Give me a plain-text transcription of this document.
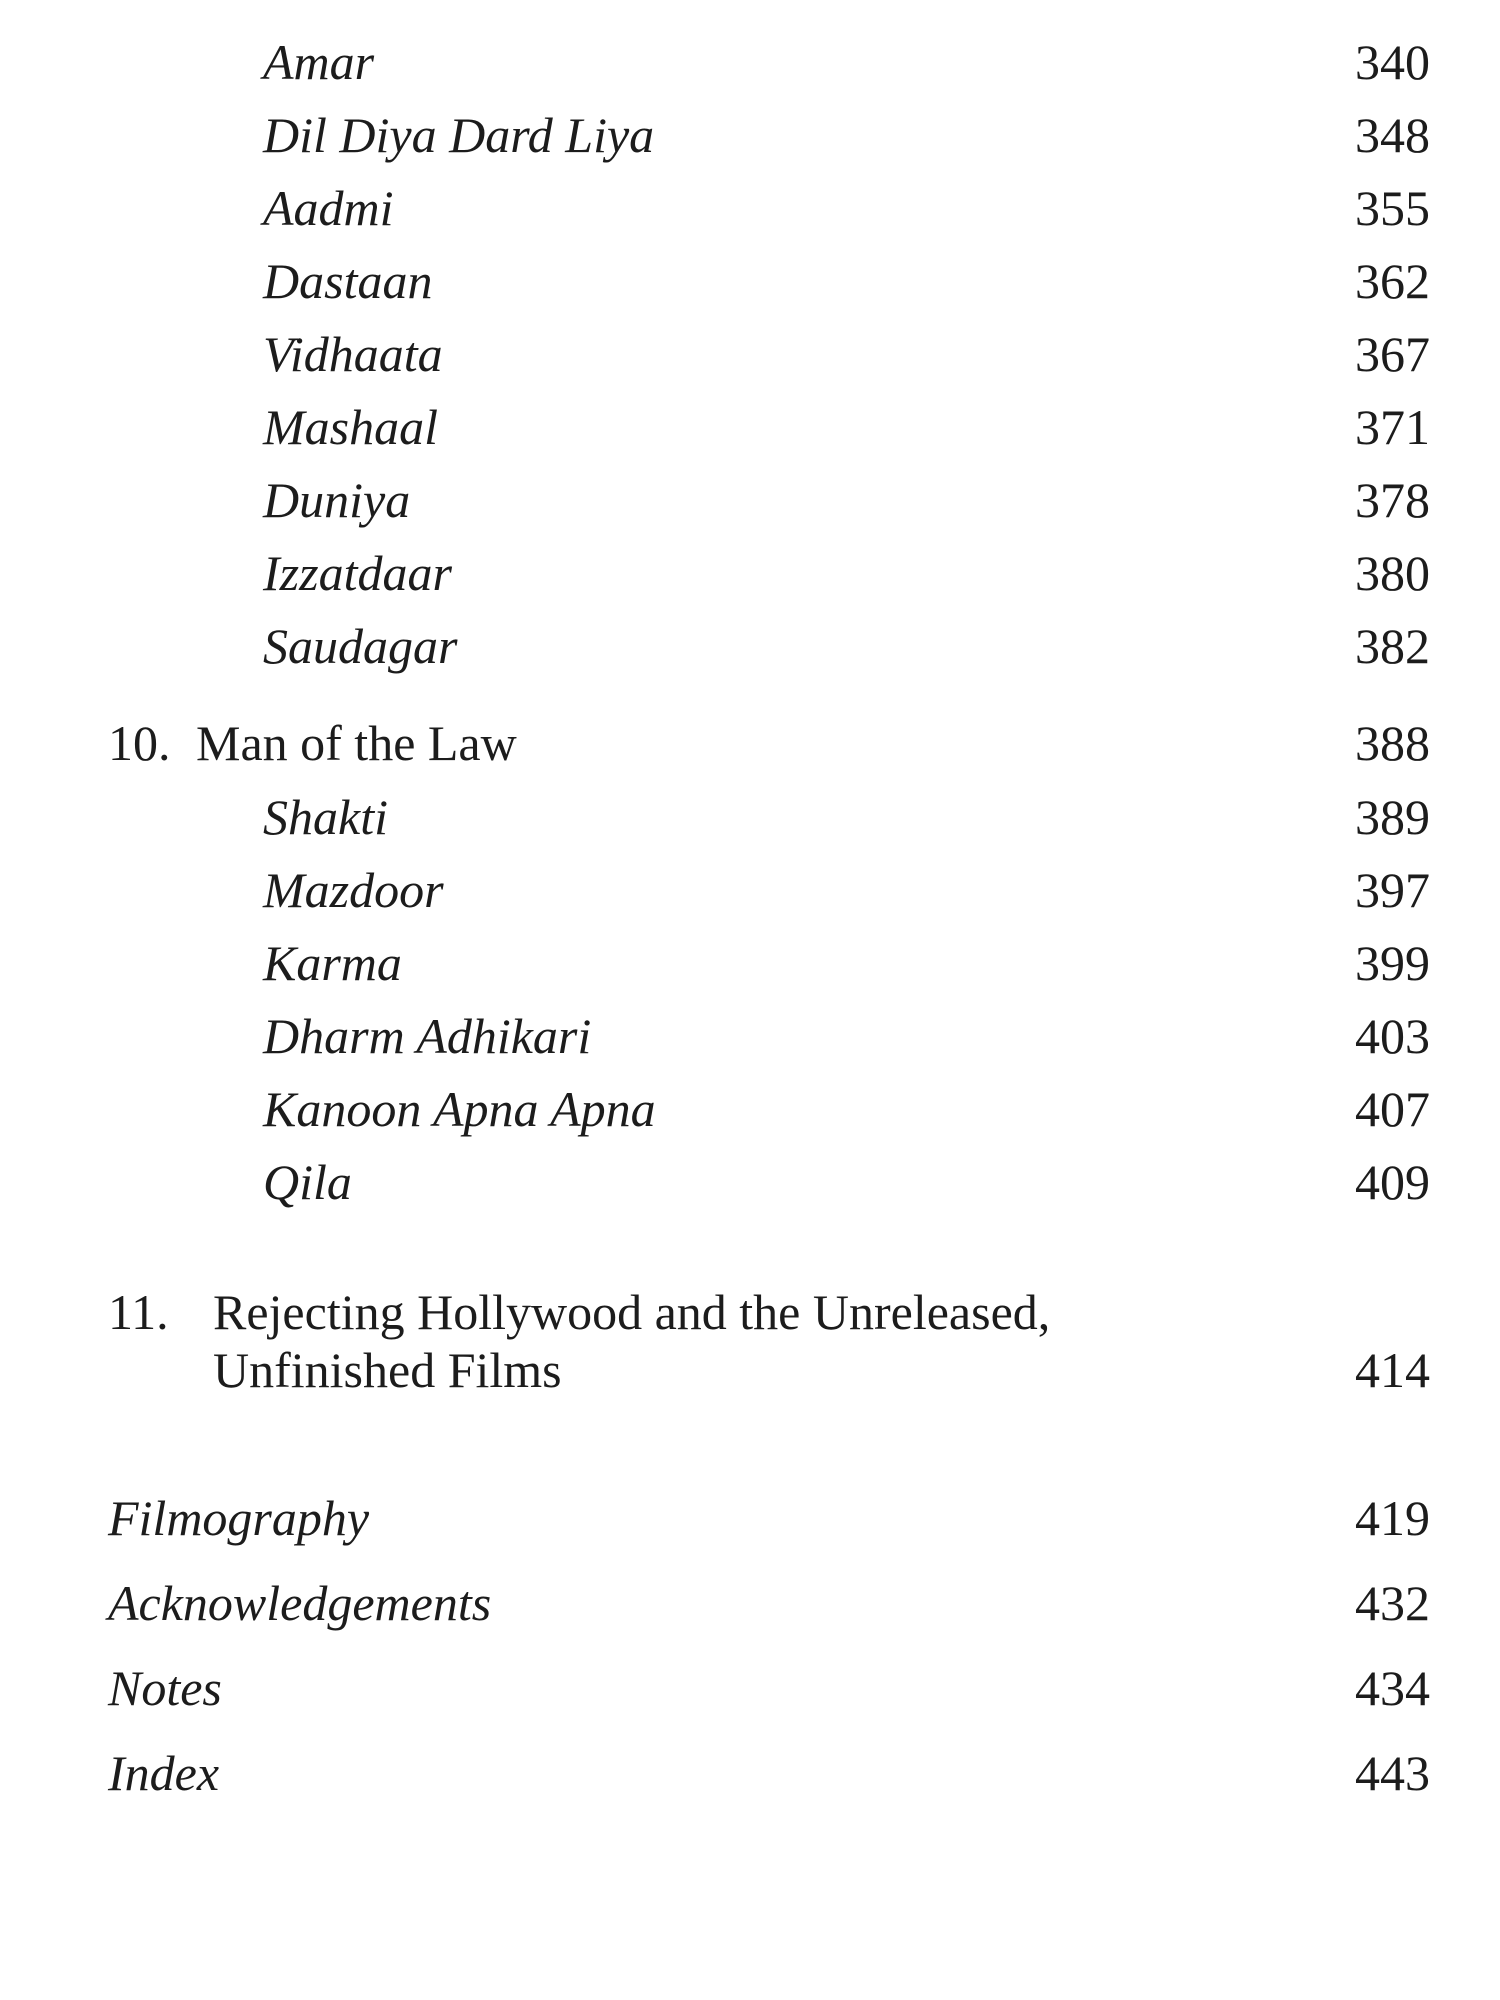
Amar	340
Dil Diya Dard Liya	348
Aadmi	355
Dastaan	362
Vidhaata	367
Mashaal	371
Duniya	378
Izzatdaar	380
Saudagar	382
10. Man of the Law	388
Shakti	389
Mazdoor	397
Karma	399
Dharm Adhikari	403
Kanoon Apna Apna	407
Qila	409
11. Rejecting Hollywood and the Unreleased,
Unfinished Films	414
Filmography	419
Acknowledgements	432
Notes	434
Index	443
